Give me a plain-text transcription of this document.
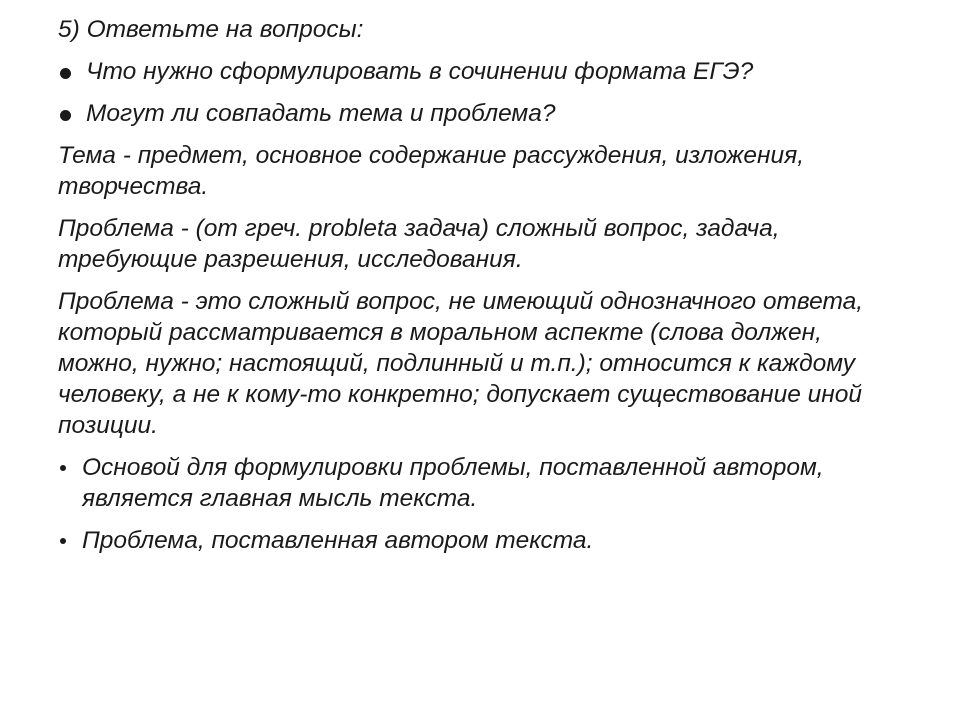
5) Ответьте на вопросы:

Что нужно сформулировать в сочинении формата ЕГЭ?
Могут ли совпадать тема и проблема?

Тема - предмет, основное содержание рассуждения, изложения, творчества.

Проблема - (от греч. problеta задача) сложный вопрос, задача, требующие разрешения, исследования.

Проблема - это сложный вопрос, не имеющий однозначного ответа, который рассматривается в моральном аспекте (слова должен, можно, нужно; настоящий, подлинный и т.п.); относится к каждому человеку, а не к кому-то конкретно; допускает существование иной позиции.

Основой для формулировки проблемы, поставленной автором, является главная мысль текста.
Проблема, поставленная автором текста.
